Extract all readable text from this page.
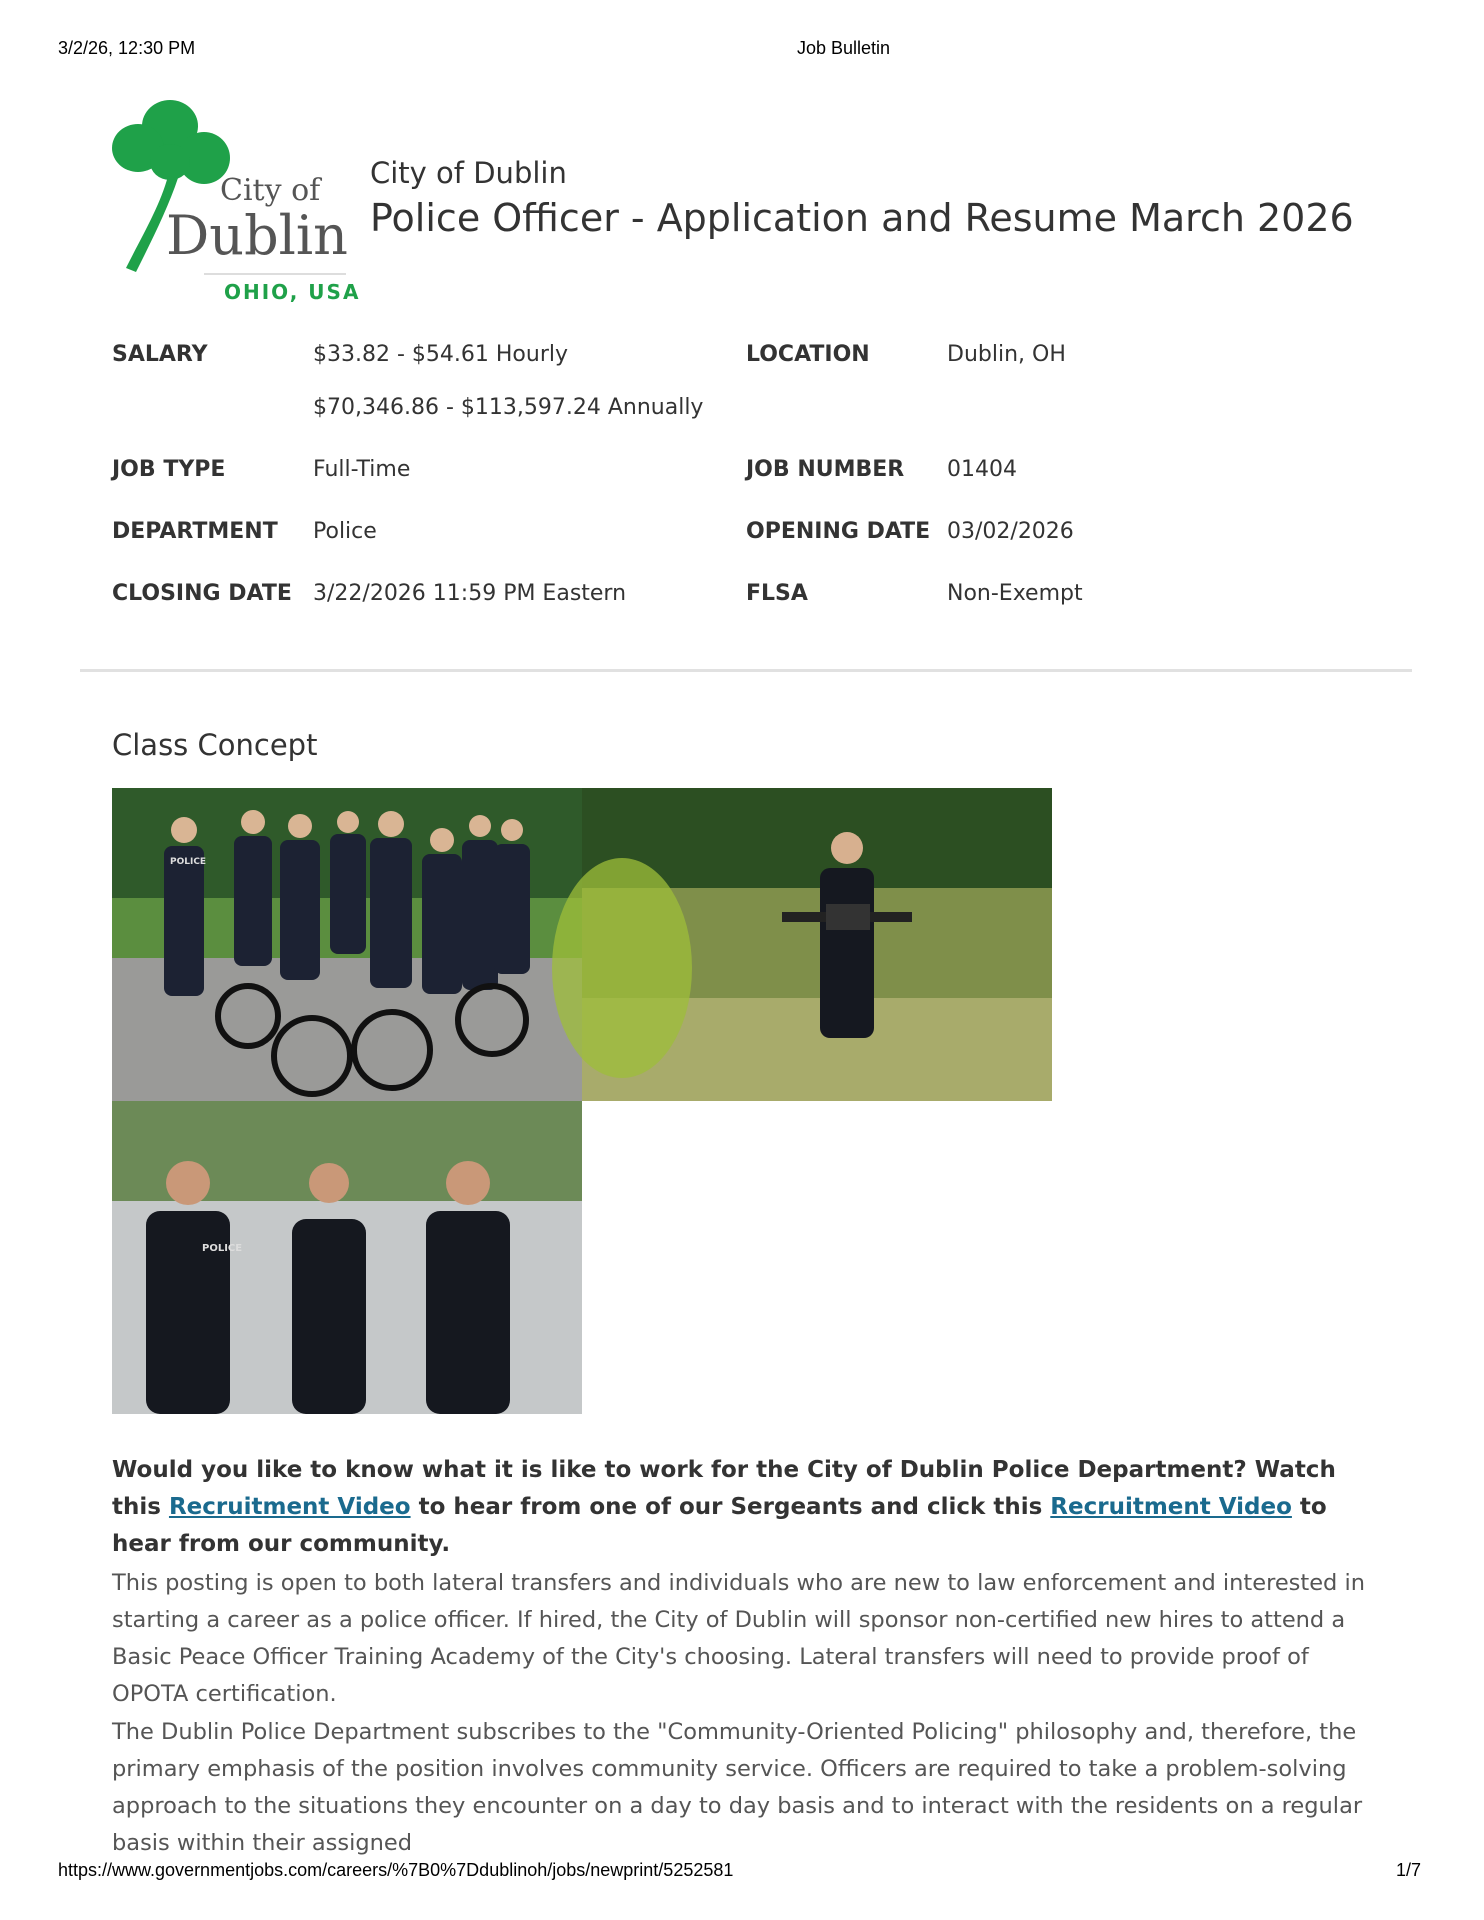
3/2/26, 12:30 PM	Job Bulletin
City of
Dublin
OHIO, USA
City of Dublin
Police Officer - Application and Resume March 2026
SALARY	$33.82 - $54.61 Hourly
$70,346.86 - $113,597.24 Annually
LOCATION	Dublin, OH
JOB TYPE	Full-Time	JOB NUMBER 01404
DEPARTMENT Police	OPENING DATE 03/02/2026
CLOSING DATE 3/22/2026 11:59 PM Eastern	FLSA	Non-Exempt
Class Concept
POLICE
POLICE
Would you like to know what it is like to work for the City of Dublin Police Department? Watch this Recruitment Video to hear from one of our Sergeants and click this Recruitment Video to hear from our community.
This posting is open to both lateral transfers and individuals who are new to law enforcement and interested in starting a career as a police officer. If hired, the City of Dublin will sponsor non-certified new hires to attend a Basic Peace Officer Training Academy of the City's choosing. Lateral transfers will need to provide proof of OPOTA certification.
The Dublin Police Department subscribes to the "Community-Oriented Policing" philosophy and, therefore, the primary emphasis of the position involves community service. Officers are required to take a problem-solving approach to the situations they encounter on a day to day basis and to interact with the residents on a regular basis within their assigned
https://www.governmentjobs.com/careers/%7B0%7Ddublinoh/jobs/newprint/5252581	1/7
